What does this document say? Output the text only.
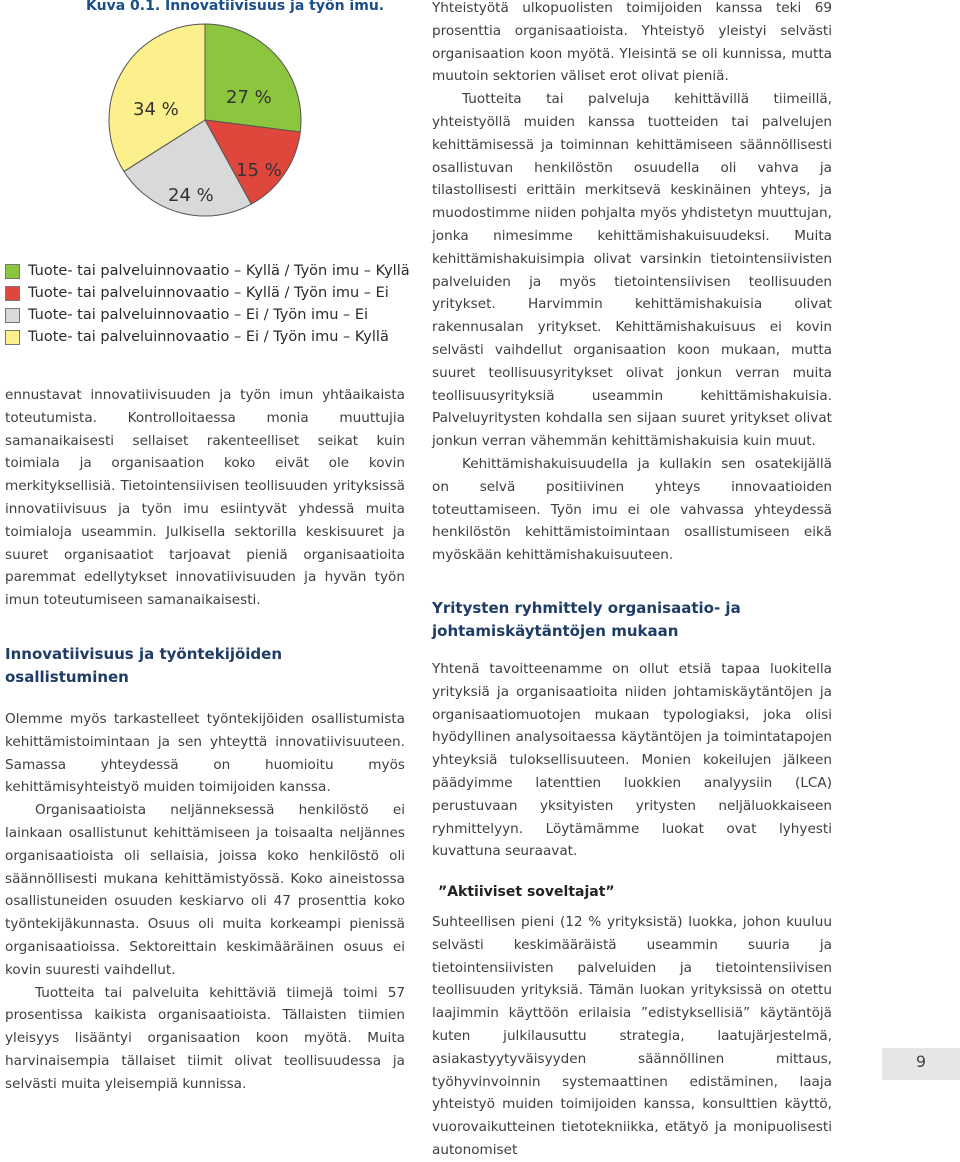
Kuva 0.1. Innovatiivisuus ja työn imu.
27 %
15 %
24 %
34 %
Tuote- tai palveluinnovaatio – Kyllä / Työn imu – Kyllä
Tuote- tai palveluinnovaatio – Kyllä / Työn imu – Ei
Tuote- tai palveluinnovaatio – Ei / Työn imu – Ei
Tuote- tai palveluinnovaatio – Ei / Työn imu – Kyllä

ennustavat innovatiivisuuden ja työn imun yhtäaikaista toteutumista. Kontrolloitaessa monia muuttujia samanaikaisesti sellaiset rakenteelliset seikat kuin toimiala ja organisaation koko eivät ole kovin merkityksellisiä. Tietointensiivisen teollisuuden yrityksissä innovatiivisuus ja työn imu esiintyvät yhdessä muita toimialoja useammin. Julkisella sektorilla keskisuuret ja suuret organisaatiot tarjoavat pieniä organisaatioita paremmat edellytykset innovatiivisuuden ja hyvän työn imun toteutumiseen samanaikaisesti.

Innovatiivisuus ja työntekijöiden osallistuminen

Olemme myös tarkastelleet työntekijöiden osallistumista kehittämistoimintaan ja sen yhteyttä innovatiivisuuteen. Samassa yhteydessä on huomioitu myös kehittämisyhteistyö muiden toimijoiden kanssa.

Organisaatioista neljänneksessä henkilöstö ei lainkaan osallistunut kehittämiseen ja toisaalta neljännes organisaatioista oli sellaisia, joissa koko henkilöstö oli säännöllisesti mukana kehittämistyössä. Koko aineistossa osallistuneiden osuuden keskiarvo oli 47 prosenttia koko työntekijäkunnasta. Osuus oli muita korkeampi pienissä organisaatioissa. Sektoreittain keskimääräinen osuus ei kovin suuresti vaihdellut.

Tuotteita tai palveluita kehittäviä tiimejä toimi 57 prosentissa kaikista organisaatioista. Tällaisten tiimien yleisyys lisääntyi organisaation koon myötä. Muita harvinaisempia tällaiset tiimit olivat teollisuudessa ja selvästi muita yleisempiä kunnissa.

Yhteistyötä ulkopuolisten toimijoiden kanssa teki 69 prosenttia organisaatioista. Yhteistyö yleistyi selvästi organisaation koon myötä. Yleisintä se oli kunnissa, mutta muutoin sektorien väliset erot olivat pieniä.

Tuotteita tai palveluja kehittävillä tiimeillä, yhteistyöllä muiden kanssa tuotteiden tai palvelujen kehittämisessä ja toiminnan kehittämiseen säännöllisesti osallistuvan henkilöstön osuudella oli vahva ja tilastollisesti erittäin merkitsevä keskinäinen yhteys, ja muodostimme niiden pohjalta myös yhdistetyn muuttujan, jonka nimesimme kehittämishakuisuudeksi. Muita kehittämishakuisimpia olivat varsinkin tietointensiivisten palveluiden ja myös tietointensiivisen teollisuuden yritykset. Harvimmin kehittämishakuisia olivat rakennusalan yritykset. Kehittämishakuisuus ei kovin selvästi vaihdellut organisaation koon mukaan, mutta suuret teollisuusyritykset olivat jonkun verran muita teollisuusyrityksiä useammin kehittämishakuisia. Palveluyritysten kohdalla sen sijaan suuret yritykset olivat jonkun verran vähemmän kehittämishakuisia kuin muut.

Kehittämishakuisuudella ja kullakin sen osatekijällä on selvä positiivinen yhteys innovaatioiden toteuttamiseen. Työn imu ei ole vahvassa yhteydessä henkilöstön kehittämistoimintaan osallistumiseen eikä myöskään kehittämishakuisuuteen.

Yritysten ryhmittely organisaatio- ja johtamiskäytäntöjen mukaan

Yhtenä tavoitteenamme on ollut etsiä tapaa luokitella yrityksiä ja organisaatioita niiden johtamiskäytäntöjen ja organisaatiomuotojen mukaan typologiaksi, joka olisi hyödyllinen analysoitaessa käytäntöjen ja toimintatapojen yhteyksiä tuloksellisuuteen. Monien kokeilujen jälkeen päädyimme latenttien luokkien analyysiin (LCA) perustuvaan yksityisten yritysten neljäluokkaiseen ryhmittelyyn. Löytämämme luokat ovat lyhyesti kuvattuna seuraavat.

”Aktiiviset soveltajat”

Suhteellisen pieni (12 % yrityksistä) luokka, johon kuuluu selvästi keskimääräistä useammin suuria ja tietointensiivisten palveluiden ja tietointensiivisen teollisuuden yrityksiä. Tämän luokan yrityksissä on otettu laajimmin käyttöön erilaisia ”edistyksellisiä” käytäntöjä kuten julkilausuttu strategia, laatujärjestelmä, asiakastyytyväisyyden säännöllinen mittaus, työhyvinvoinnin systemaattinen edistäminen, laaja yhteistyö muiden toimijoiden kanssa, konsulttien käyttö, vuorovaikutteinen tietotekniikka, etätyö ja monipuolisesti autonomiset

9
